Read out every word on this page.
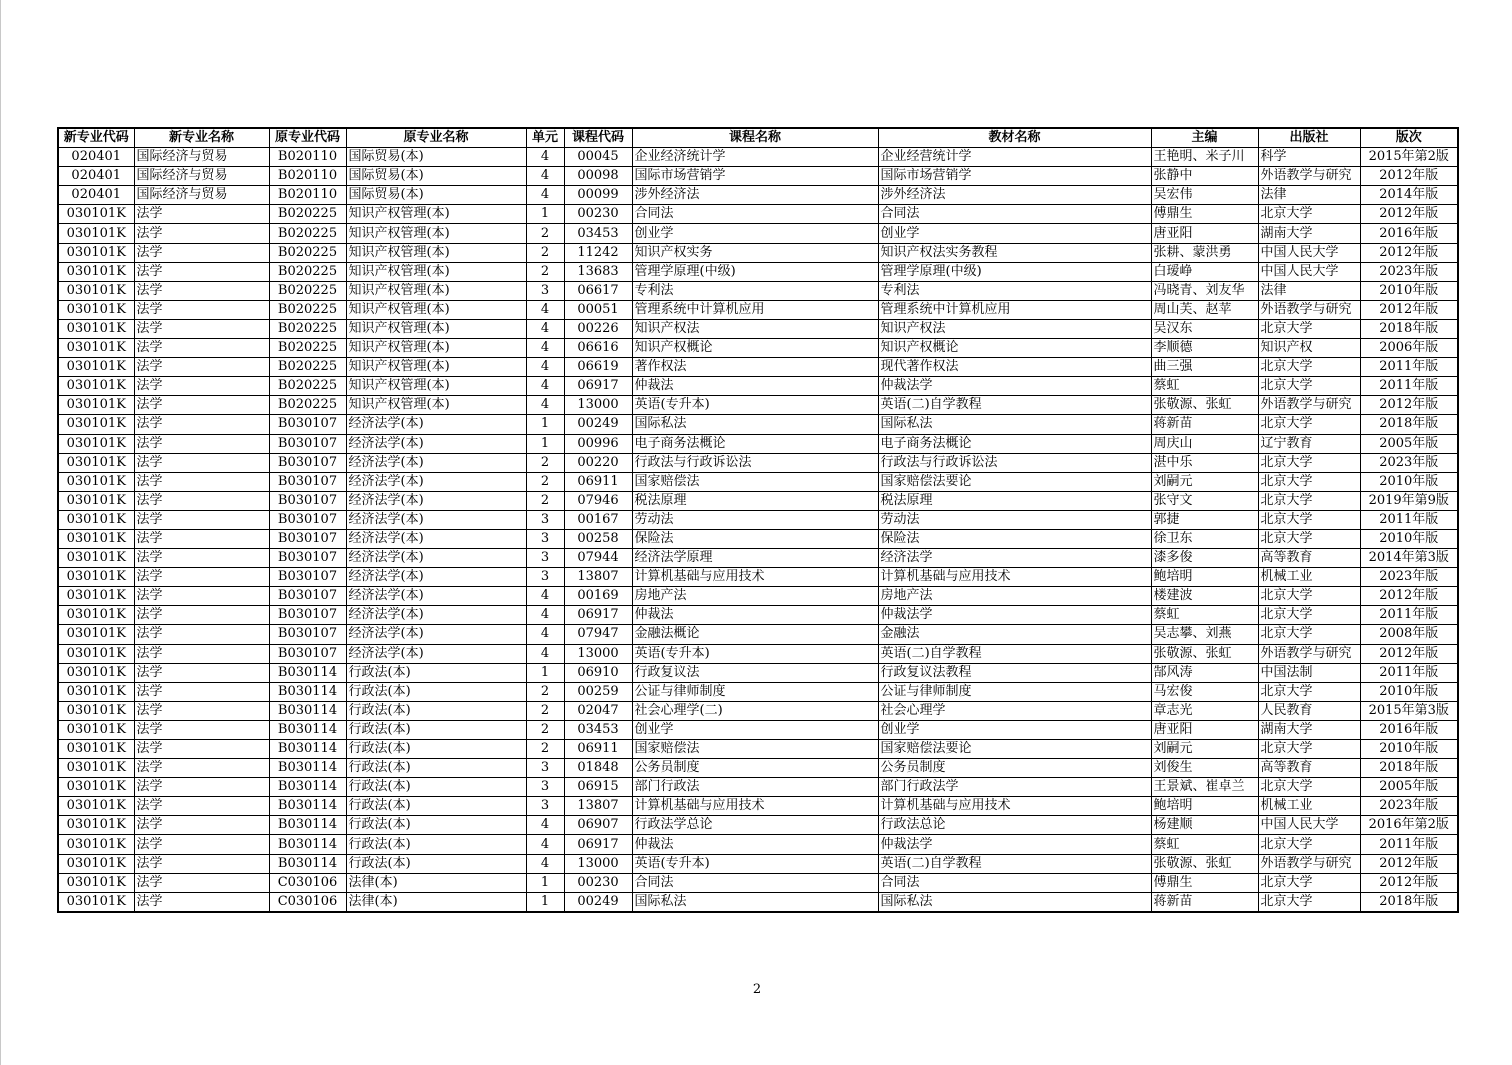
新专业代码	新专业名称	原专业代码	原专业名称	单元	课程代码	课程名称	教材名称	主编	出版社	版次
020401	国际经济与贸易	B020110	国际贸易(本)	4	00045	企业经济统计学	企业经营统计学	王艳明、米子川	科学	2015年第2版
020401	国际经济与贸易	B020110	国际贸易(本)	4	00098	国际市场营销学	国际市场营销学	张静中	外语教学与研究	2012年版
020401	国际经济与贸易	B020110	国际贸易(本)	4	00099	涉外经济法	涉外经济法	吴宏伟	法律	2014年版
030101K	法学	B020225	知识产权管理(本)	1	00230	合同法	合同法	傅鼎生	北京大学	2012年版
030101K	法学	B020225	知识产权管理(本)	2	03453	创业学	创业学	唐亚阳	湖南大学	2016年版
030101K	法学	B020225	知识产权管理(本)	2	11242	知识产权实务	知识产权法实务教程	张耕、蒙洪勇	中国人民大学	2012年版
030101K	法学	B020225	知识产权管理(本)	2	13683	管理学原理(中级)	管理学原理(中级)	白瑷峥	中国人民大学	2023年版
030101K	法学	B020225	知识产权管理(本)	3	06617	专利法	专利法	冯晓青、刘友华	法律	2010年版
030101K	法学	B020225	知识产权管理(本)	4	00051	管理系统中计算机应用	管理系统中计算机应用	周山芙、赵苹	外语教学与研究	2012年版
030101K	法学	B020225	知识产权管理(本)	4	00226	知识产权法	知识产权法	吴汉东	北京大学	2018年版
030101K	法学	B020225	知识产权管理(本)	4	06616	知识产权概论	知识产权概论	李顺德	知识产权	2006年版
030101K	法学	B020225	知识产权管理(本)	4	06619	著作权法	现代著作权法	曲三强	北京大学	2011年版
030101K	法学	B020225	知识产权管理(本)	4	06917	仲裁法	仲裁法学	蔡虹	北京大学	2011年版
030101K	法学	B020225	知识产权管理(本)	4	13000	英语(专升本)	英语(二)自学教程	张敬源、张虹	外语教学与研究	2012年版
030101K	法学	B030107	经济法学(本)	1	00249	国际私法	国际私法	蒋新苗	北京大学	2018年版
030101K	法学	B030107	经济法学(本)	1	00996	电子商务法概论	电子商务法概论	周庆山	辽宁教育	2005年版
030101K	法学	B030107	经济法学(本)	2	00220	行政法与行政诉讼法	行政法与行政诉讼法	湛中乐	北京大学	2023年版
030101K	法学	B030107	经济法学(本)	2	06911	国家赔偿法	国家赔偿法要论	刘嗣元	北京大学	2010年版
030101K	法学	B030107	经济法学(本)	2	07946	税法原理	税法原理	张守文	北京大学	2019年第9版
030101K	法学	B030107	经济法学(本)	3	00167	劳动法	劳动法	郭捷	北京大学	2011年版
030101K	法学	B030107	经济法学(本)	3	00258	保险法	保险法	徐卫东	北京大学	2010年版
030101K	法学	B030107	经济法学(本)	3	07944	经济法学原理	经济法学	漆多俊	高等教育	2014年第3版
030101K	法学	B030107	经济法学(本)	3	13807	计算机基础与应用技术	计算机基础与应用技术	鲍培明	机械工业	2023年版
030101K	法学	B030107	经济法学(本)	4	00169	房地产法	房地产法	楼建波	北京大学	2012年版
030101K	法学	B030107	经济法学(本)	4	06917	仲裁法	仲裁法学	蔡虹	北京大学	2011年版
030101K	法学	B030107	经济法学(本)	4	07947	金融法概论	金融法	吴志攀、刘燕	北京大学	2008年版
030101K	法学	B030107	经济法学(本)	4	13000	英语(专升本)	英语(二)自学教程	张敬源、张虹	外语教学与研究	2012年版
030101K	法学	B030114	行政法(本)	1	06910	行政复议法	行政复议法教程	郜风涛	中国法制	2011年版
030101K	法学	B030114	行政法(本)	2	00259	公证与律师制度	公证与律师制度	马宏俊	北京大学	2010年版
030101K	法学	B030114	行政法(本)	2	02047	社会心理学(二)	社会心理学	章志光	人民教育	2015年第3版
030101K	法学	B030114	行政法(本)	2	03453	创业学	创业学	唐亚阳	湖南大学	2016年版
030101K	法学	B030114	行政法(本)	2	06911	国家赔偿法	国家赔偿法要论	刘嗣元	北京大学	2010年版
030101K	法学	B030114	行政法(本)	3	01848	公务员制度	公务员制度	刘俊生	高等教育	2018年版
030101K	法学	B030114	行政法(本)	3	06915	部门行政法	部门行政法学	王景斌、崔卓兰	北京大学	2005年版
030101K	法学	B030114	行政法(本)	3	13807	计算机基础与应用技术	计算机基础与应用技术	鲍培明	机械工业	2023年版
030101K	法学	B030114	行政法(本)	4	06907	行政法学总论	行政法总论	杨建顺	中国人民大学	2016年第2版
030101K	法学	B030114	行政法(本)	4	06917	仲裁法	仲裁法学	蔡虹	北京大学	2011年版
030101K	法学	B030114	行政法(本)	4	13000	英语(专升本)	英语(二)自学教程	张敬源、张虹	外语教学与研究	2012年版
030101K	法学	C030106	法律(本)	1	00230	合同法	合同法	傅鼎生	北京大学	2012年版
030101K	法学	C030106	法律(本)	1	00249	国际私法	国际私法	蒋新苗	北京大学	2018年版
2
